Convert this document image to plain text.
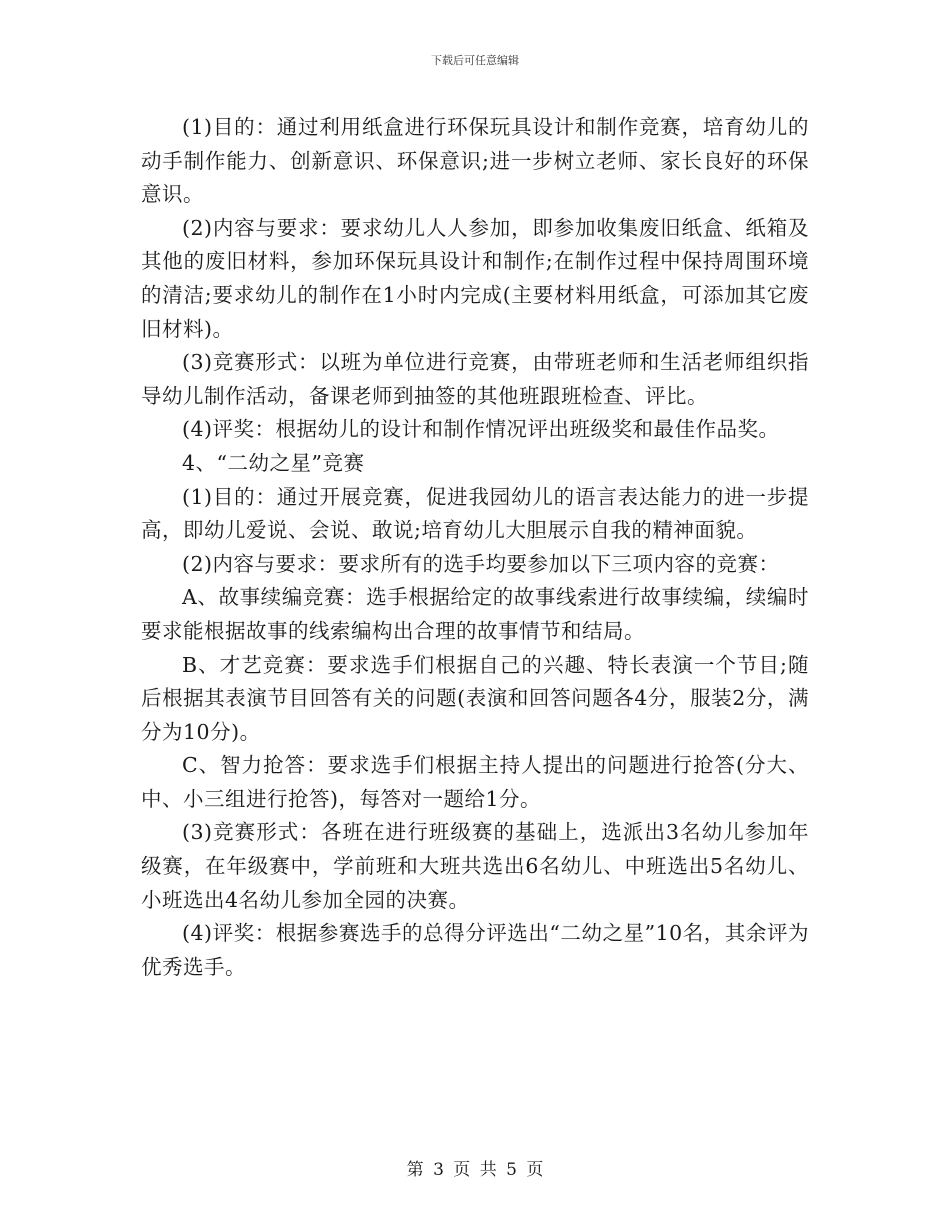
下载后可任意编辑

(1)目的：通过利用纸盒进行环保玩具设计和制作竞赛，培育幼儿的动手制作能力、创新意识、环保意识;进一步树立老师、家长良好的环保意识。

(2)内容与要求：要求幼儿人人参加，即参加收集废旧纸盒、纸箱及其他的废旧材料，参加环保玩具设计和制作;在制作过程中保持周围环境的清洁;要求幼儿的制作在1小时内完成(主要材料用纸盒，可添加其它废旧材料)。

(3)竞赛形式：以班为单位进行竞赛，由带班老师和生活老师组织指导幼儿制作活动，备课老师到抽签的其他班跟班检查、评比。

(4)评奖：根据幼儿的设计和制作情况评出班级奖和最佳作品奖。

4、“二幼之星”竞赛

(1)目的：通过开展竞赛，促进我园幼儿的语言表达能力的进一步提高，即幼儿爱说、会说、敢说;培育幼儿大胆展示自我的精神面貌。

(2)内容与要求：要求所有的选手均要参加以下三项内容的竞赛：

A、故事续编竞赛：选手根据给定的故事线索进行故事续编，续编时要求能根据故事的线索编构出合理的故事情节和结局。

B、才艺竞赛：要求选手们根据自己的兴趣、特长表演一个节目;随后根据其表演节目回答有关的问题(表演和回答问题各4分，服装2分，满分为10分)。

C、智力抢答：要求选手们根据主持人提出的问题进行抢答(分大、中、小三组进行抢答)，每答对一题给1分。

(3)竞赛形式：各班在进行班级赛的基础上，选派出3名幼儿参加年级赛，在年级赛中，学前班和大班共选出6名幼儿、中班选出5名幼儿、小班选出4名幼儿参加全园的决赛。

(4)评奖：根据参赛选手的总得分评选出“二幼之星”10名，其余评为优秀选手。

第 3 页 共 5 页
